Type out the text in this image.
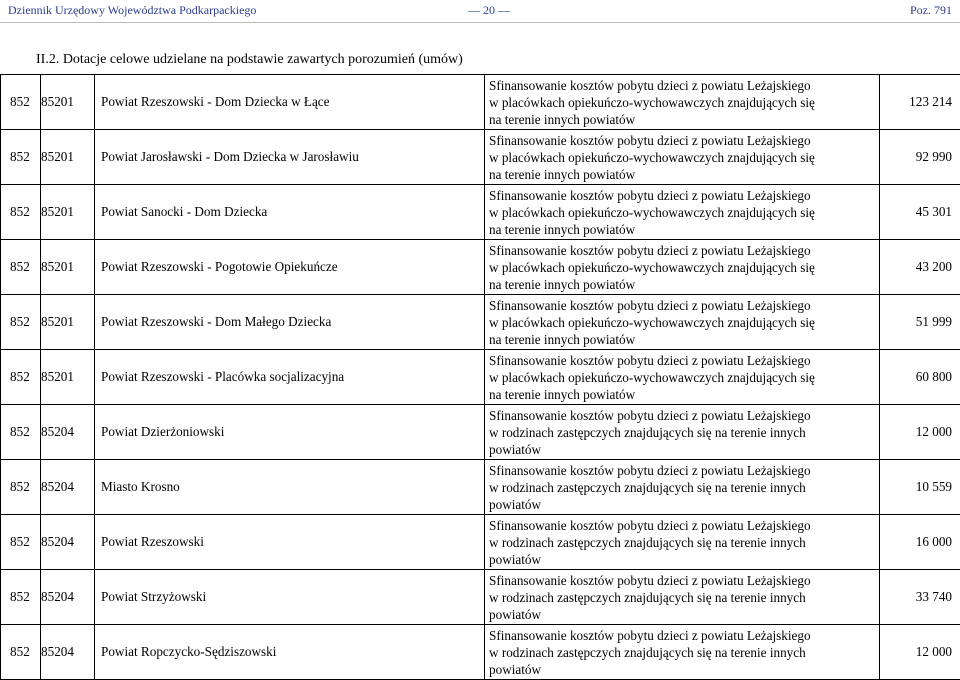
Dziennik Urzędowy Województwa Podkarpackiego	— 20 —	Poz. 791
II.2. Dotacje celowe udzielane na podstawie zawartych porozumień (umów)
852	85201	Powiat Rzeszowski - Dom Dziecka w Łące	Sfinansowanie kosztów pobytu dzieci z powiatu Leżajskiego
w placówkach opiekuńczo-wychowawczych znajdujących się
na terenie innych powiatów	123 214
852	85201	Powiat Jarosławski - Dom Dziecka w Jarosławiu	Sfinansowanie kosztów pobytu dzieci z powiatu Leżajskiego
w placówkach opiekuńczo-wychowawczych znajdujących się
na terenie innych powiatów	92 990
852	85201	Powiat Sanocki - Dom Dziecka	Sfinansowanie kosztów pobytu dzieci z powiatu Leżajskiego
w placówkach opiekuńczo-wychowawczych znajdujących się
na terenie innych powiatów	45 301
852	85201	Powiat Rzeszowski - Pogotowie Opiekuńcze	Sfinansowanie kosztów pobytu dzieci z powiatu Leżajskiego
w placówkach opiekuńczo-wychowawczych znajdujących się
na terenie innych powiatów	43 200
852	85201	Powiat Rzeszowski - Dom Małego Dziecka	Sfinansowanie kosztów pobytu dzieci z powiatu Leżajskiego
w placówkach opiekuńczo-wychowawczych znajdujących się
na terenie innych powiatów	51 999
852	85201	Powiat Rzeszowski - Placówka socjalizacyjna	Sfinansowanie kosztów pobytu dzieci z powiatu Leżajskiego
w placówkach opiekuńczo-wychowawczych znajdujących się
na terenie innych powiatów	60 800
852	85204	Powiat Dzierżoniowski	Sfinansowanie kosztów pobytu dzieci z powiatu Leżajskiego
w rodzinach zastępczych znajdujących się na terenie innych
powiatów	12 000
852	85204	Miasto Krosno	Sfinansowanie kosztów pobytu dzieci z powiatu Leżajskiego
w rodzinach zastępczych znajdujących się na terenie innych
powiatów	10 559
852	85204	Powiat Rzeszowski	Sfinansowanie kosztów pobytu dzieci z powiatu Leżajskiego
w rodzinach zastępczych znajdujących się na terenie innych
powiatów	16 000
852	85204	Powiat Strzyżowski	Sfinansowanie kosztów pobytu dzieci z powiatu Leżajskiego
w rodzinach zastępczych znajdujących się na terenie innych
powiatów	33 740
852	85204	Powiat Ropczycko-Sędziszowski	Sfinansowanie kosztów pobytu dzieci z powiatu Leżajskiego
w rodzinach zastępczych znajdujących się na terenie innych
powiatów	12 000
